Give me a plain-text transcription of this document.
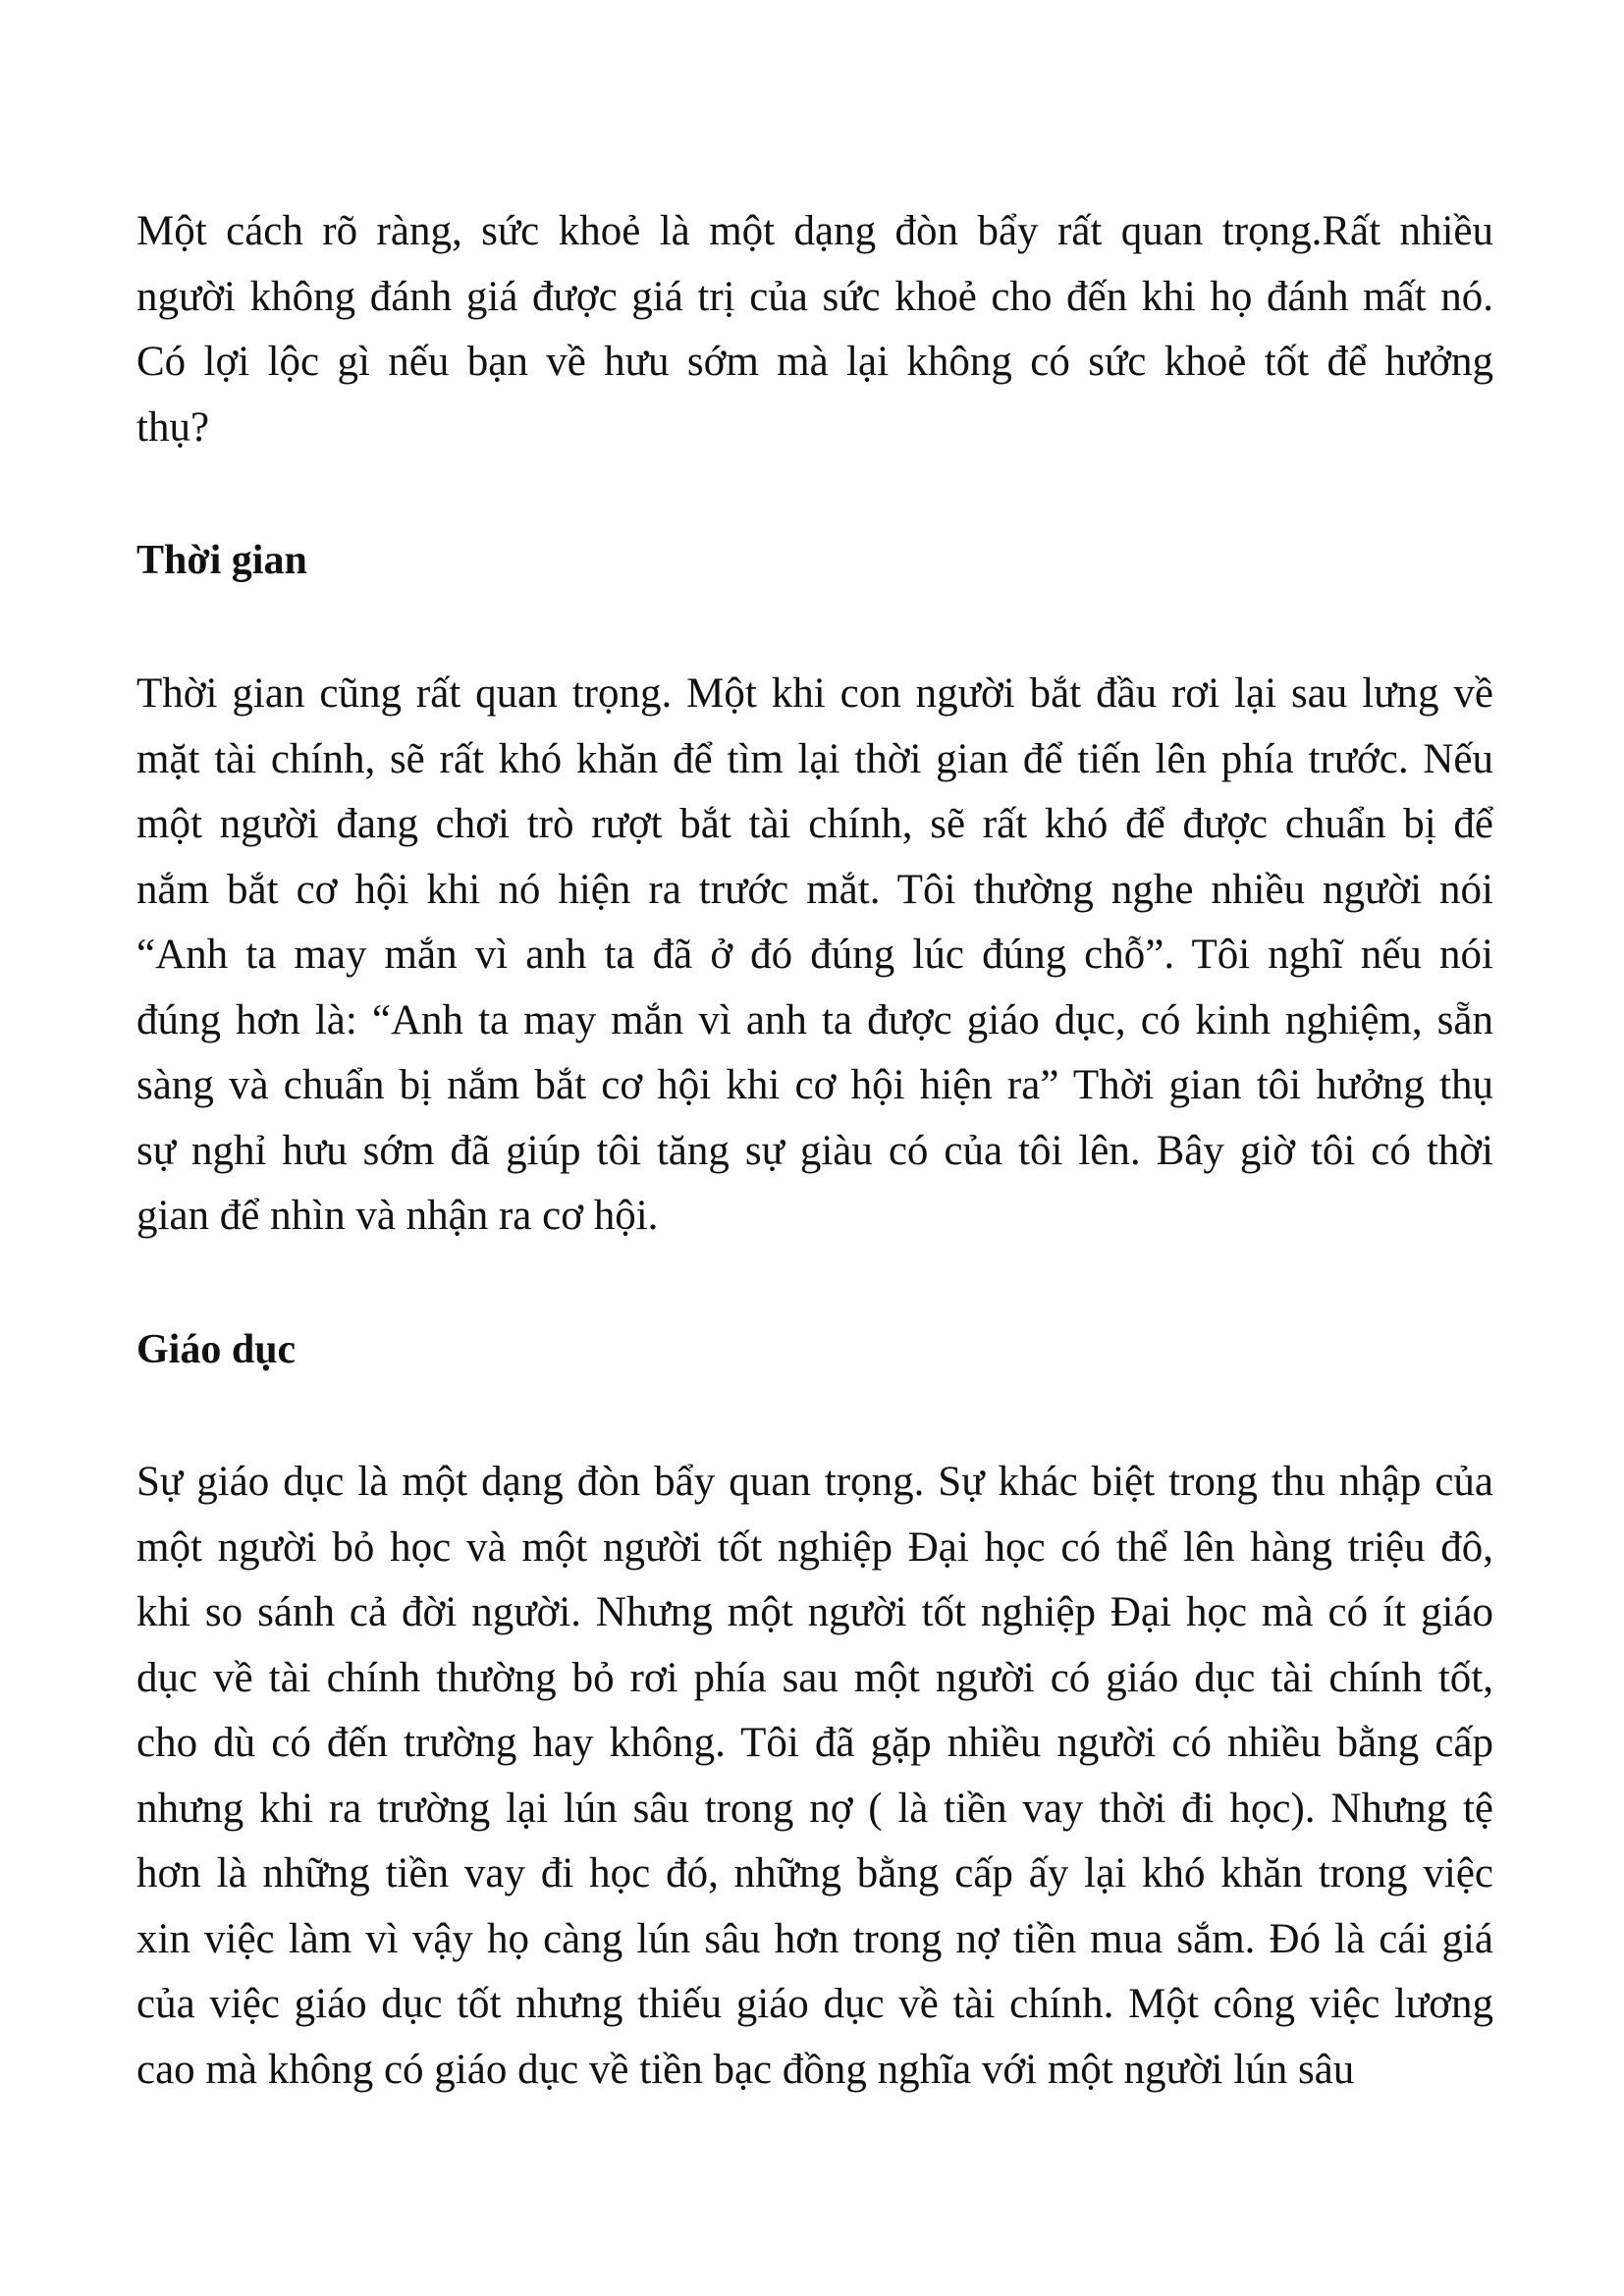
Một cách rõ ràng, sức khoẻ là một dạng đòn bẩy rất quan trọng.Rất nhiều
người không đánh giá được giá trị của sức khoẻ cho đến khi họ đánh mất nó.
Có lợi lộc gì nếu bạn về hưu sớm mà lại không có sức khoẻ tốt để hưởng
thụ?
Thời gian
Thời gian cũng rất quan trọng. Một khi con người bắt đầu rơi lại sau lưng về
mặt tài chính, sẽ rất khó khăn để tìm lại thời gian để tiến lên phía trước. Nếu
một người đang chơi trò rượt bắt tài chính, sẽ rất khó để được chuẩn bị để
nắm bắt cơ hội khi nó hiện ra trước mắt. Tôi thường nghe nhiều người nói
“Anh ta may mắn vì anh ta đã ở đó đúng lúc đúng chỗ”. Tôi nghĩ nếu nói
đúng hơn là: “Anh ta may mắn vì anh ta được giáo dục, có kinh nghiệm, sẵn
sàng và chuẩn bị nắm bắt cơ hội khi cơ hội hiện ra” Thời gian tôi hưởng thụ
sự nghỉ hưu sớm đã giúp tôi tăng sự giàu có của tôi lên. Bây giờ tôi có thời
gian để nhìn và nhận ra cơ hội.
Giáo dục
Sự giáo dục là một dạng đòn bẩy quan trọng. Sự khác biệt trong thu nhập của
một người bỏ học và một người tốt nghiệp Đại học có thể lên hàng triệu đô,
khi so sánh cả đời người. Nhưng một người tốt nghiệp Đại học mà có ít giáo
dục về tài chính thường bỏ rơi phía sau một người có giáo dục tài chính tốt,
cho dù có đến trường hay không. Tôi đã gặp nhiều người có nhiều bằng cấp
nhưng khi ra trường lại lún sâu trong nợ ( là tiền vay thời đi học). Nhưng tệ
hơn là những tiền vay đi học đó, những bằng cấp ấy lại khó khăn trong việc
xin việc làm vì vậy họ càng lún sâu hơn trong nợ tiền mua sắm. Đó là cái giá
của việc giáo dục tốt nhưng thiếu giáo dục về tài chính. Một công việc lương
cao mà không có giáo dục về tiền bạc đồng nghĩa với một người lún sâu
